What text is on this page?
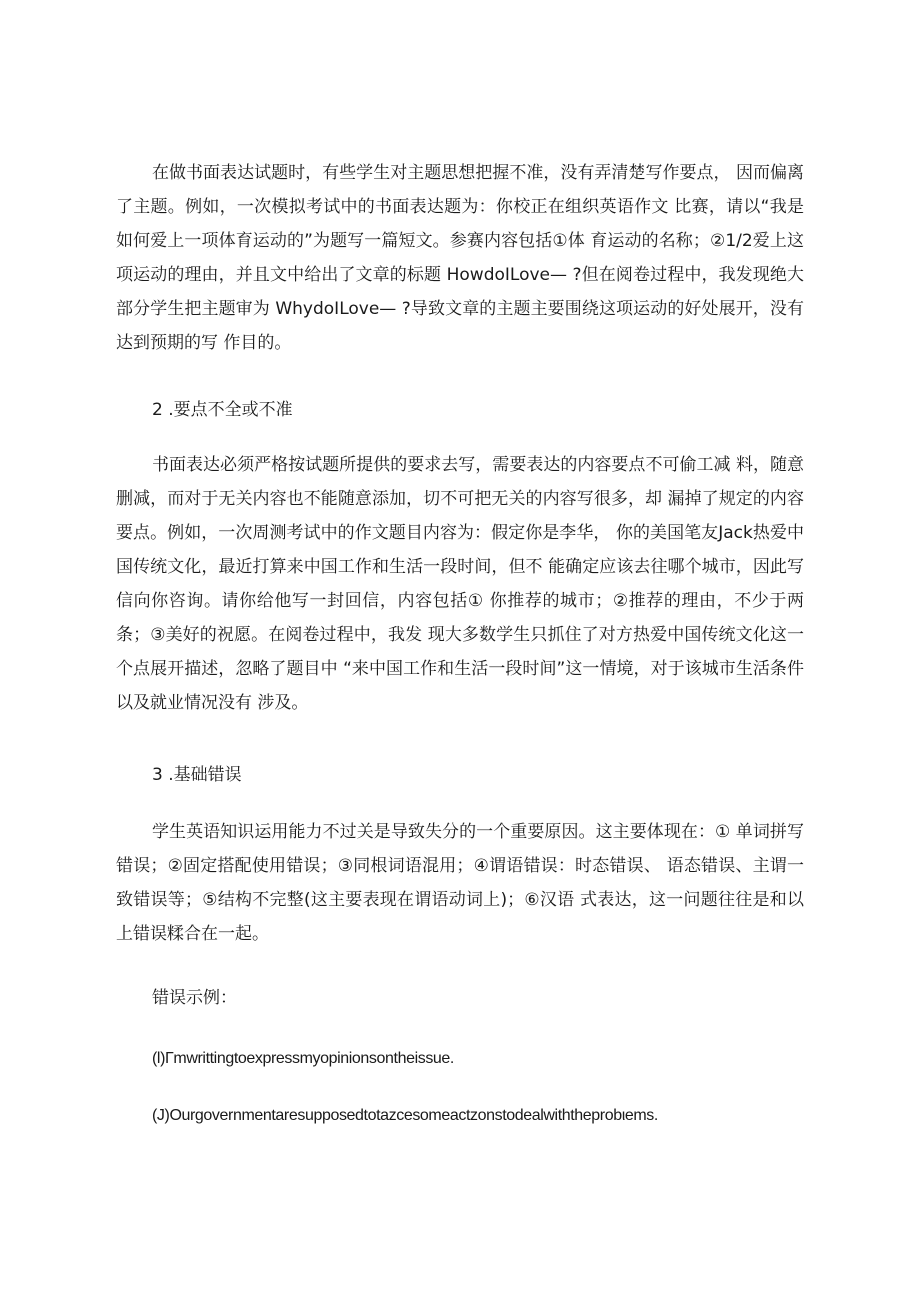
在做书面表达试题时，有些学生对主题思想把握不准，没有弄清楚写作要点， 因而偏离了主题。例如，一次模拟考试中的书面表达题为：你校正在组织英语作文 比赛，请以“我是如何爱上一项体育运动的”为题写一篇短文。参赛内容包括①体 育运动的名称；②1/2爱上这项运动的理由，并且文中给出了文章的标题 HowdoILove— ?但在阅卷过程中，我发现绝大部分学生把主题审为 WhydoILove— ?导致文章的主题主要围绕这项运动的好处展开，没有达到预期的写 作目的。

2 .要点不全或不准

书面表达必须严格按试题所提供的要求去写，需要表达的内容要点不可偷工减 料，随意删减，而对于无关内容也不能随意添加，切不可把无关的内容写很多，却 漏掉了规定的内容要点。例如，一次周测考试中的作文题目内容为：假定你是李华， 你的美国笔友Jack热爱中国传统文化，最近打算来中国工作和生活一段时间，但不 能确定应该去往哪个城市，因此写信向你咨询。请你给他写一封回信，内容包括① 你推荐的城市；②推荐的理由，不少于两条；③美好的祝愿。在阅卷过程中，我发 现大多数学生只抓住了对方热爱中国传统文化这一个点展开描述，忽略了题目中 “来中国工作和生活一段时间”这一情境，对于该城市生活条件以及就业情况没有 涉及。

3 .基础错误

学生英语知识运用能力不过关是导致失分的一个重要原因。这主要体现在：① 单词拼写错误；②固定搭配使用错误；③同根词语混用；④谓语错误：时态错误、 语态错误、主谓一致错误等；⑤结构不完整(这主要表现在谓语动词上)；⑥汉语 式表达，这一问题往往是和以上错误糅合在一起。

错误示例：

(l)Γmwrittingtoexpressmyopinionsontheissue.

(J)Ourgovernmentaresupposedtotazcesomeactzonstodealwiththeprobιems.
